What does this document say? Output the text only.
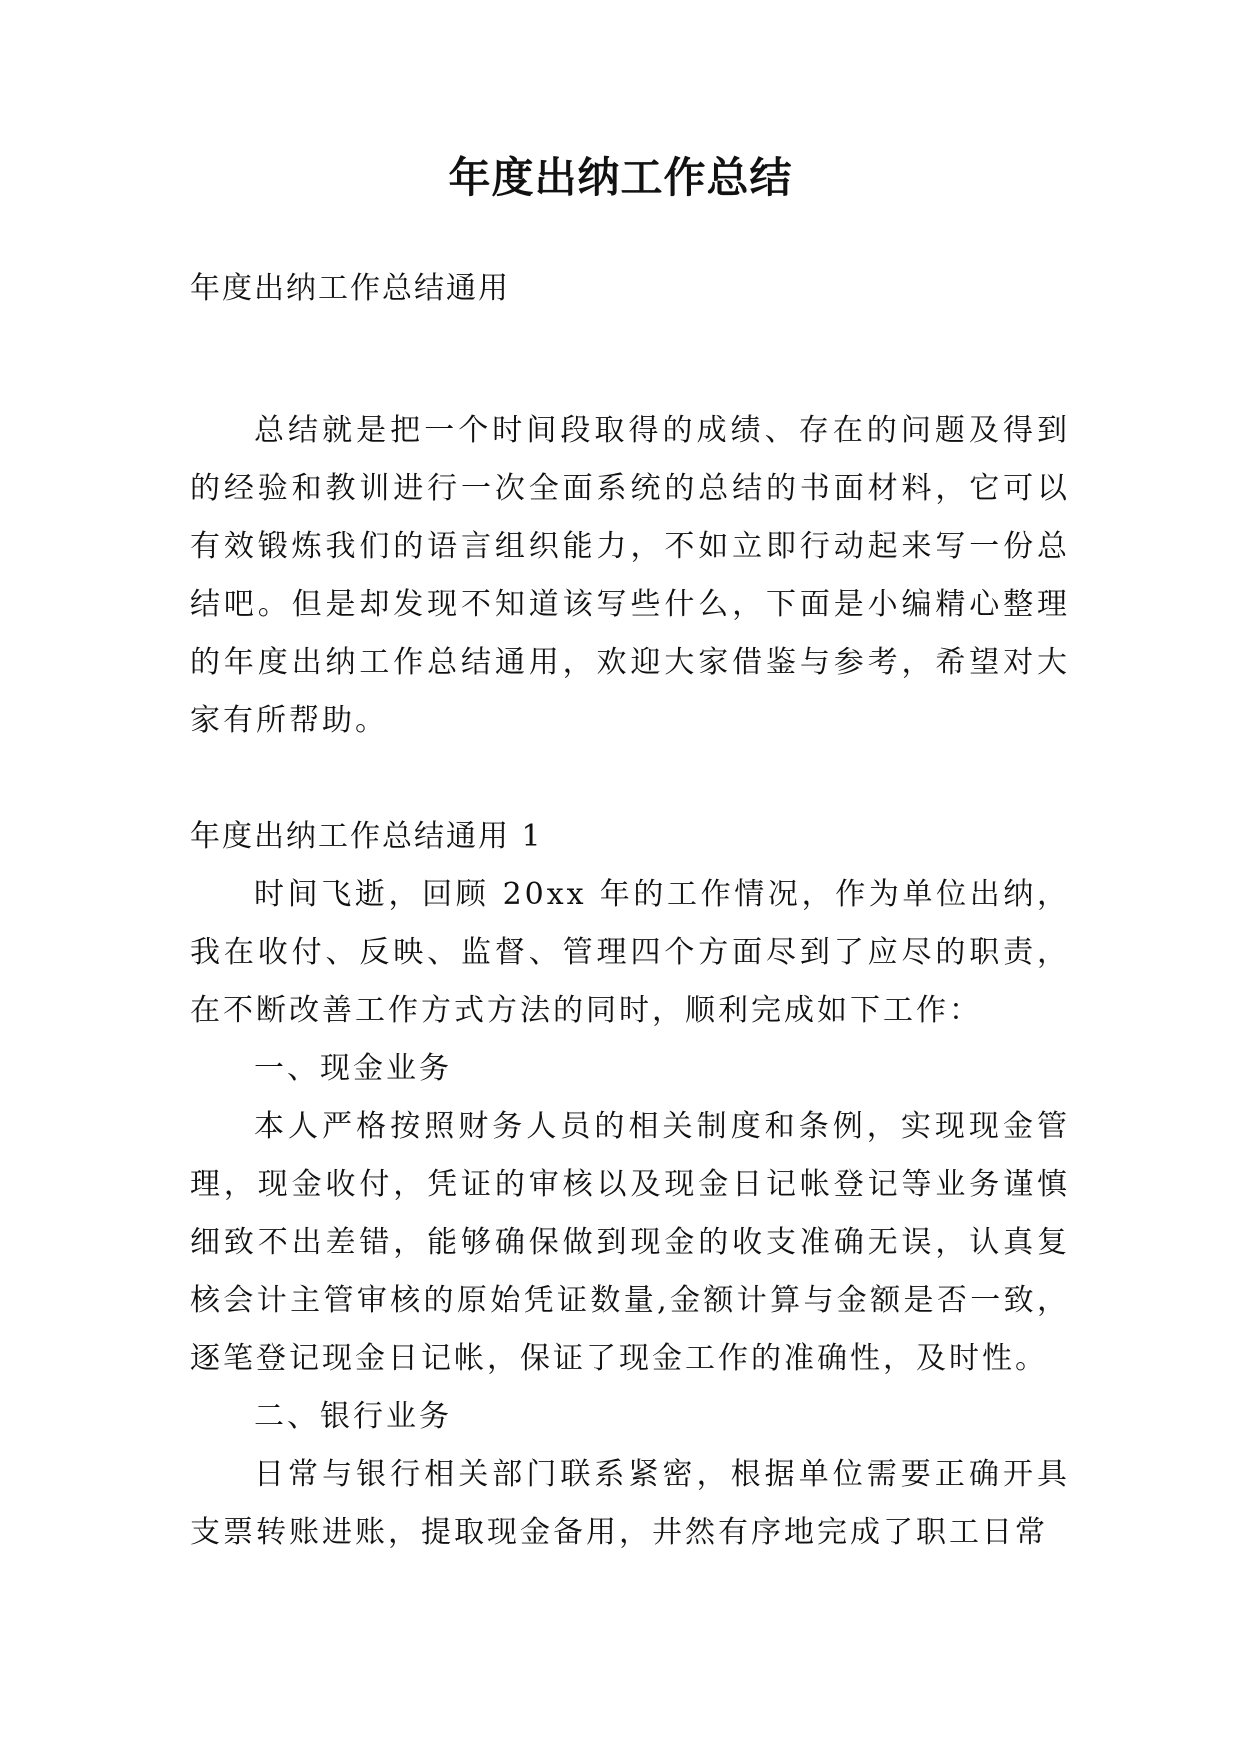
年度出纳工作总结

年度出纳工作总结通用

总结就是把一个时间段取得的成绩、存在的问题及得到的经验和教训进行一次全面系统的总结的书面材料，它可以有效锻炼我们的语言组织能力，不如立即行动起来写一份总结吧。但是却发现不知道该写些什么，下面是小编精心整理的年度出纳工作总结通用，欢迎大家借鉴与参考，希望对大家有所帮助。

年度出纳工作总结通用 1

时间飞逝，回顾 20xx 年的工作情况，作为单位出纳，我在收付、反映、监督、管理四个方面尽到了应尽的职责，在不断改善工作方式方法的同时，顺利完成如下工作：

一、现金业务

本人严格按照财务人员的相关制度和条例，实现现金管理，现金收付，凭证的审核以及现金日记帐登记等业务谨慎细致不出差错，能够确保做到现金的收支准确无误，认真复核会计主管审核的原始凭证数量,金额计算与金额是否一致，逐笔登记现金日记帐，保证了现金工作的准确性，及时性。

二、银行业务

日常与银行相关部门联系紧密，根据单位需要正确开具支票转账进账，提取现金备用，井然有序地完成了职工日常
